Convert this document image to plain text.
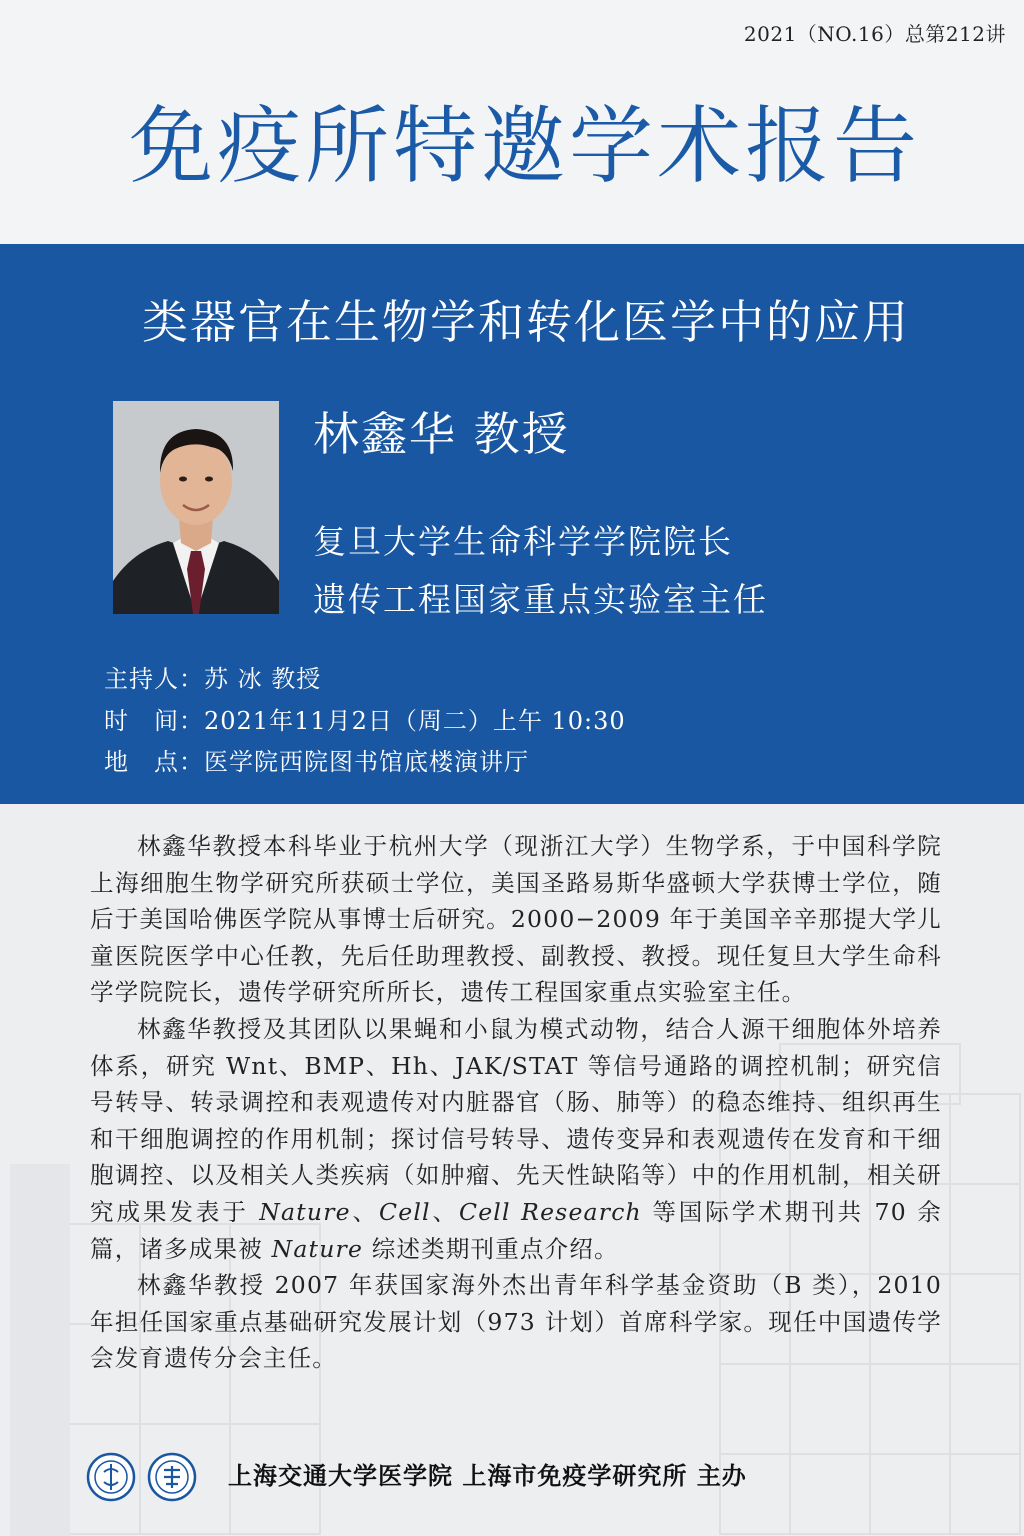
2021（NO.16）总第212讲
免疫所特邀学术报告
类器官在生物学和转化医学中的应用
林鑫华 教授
复旦大学生命科学学院院长
遗传工程国家重点实验室主任
主持人：苏 冰 教授
时　间：2021年11月2日（周二）上午 10:30
地　点：医学院西院图书馆底楼演讲厅

林鑫华教授本科毕业于杭州大学（现浙江大学）生物学系，于中国科学院上海细胞生物学研究所获硕士学位，美国圣路易斯华盛顿大学获博士学位，随后于美国哈佛医学院从事博士后研究。2000−2009 年于美国辛辛那提大学儿童医院医学中心任教，先后任助理教授、副教授、教授。现任复旦大学生命科学学院院长，遗传学研究所所长，遗传工程国家重点实验室主任。

林鑫华教授及其团队以果蝇和小鼠为模式动物，结合人源干细胞体外培养体系，研究 Wnt、BMP、Hh、JAK/STAT 等信号通路的调控机制；研究信号转导、转录调控和表观遗传对内脏器官（肠、肺等）的稳态维持、组织再生和干细胞调控的作用机制；探讨信号转导、遗传变异和表观遗传在发育和干细胞调控、以及相关人类疾病（如肿瘤、先天性缺陷等）中的作用机制，相关研究成果发表于 Nature、Cell、Cell Research 等国际学术期刊共 70 余篇，诸多成果被 Nature 综述类期刊重点介绍。

林鑫华教授 2007 年获国家海外杰出青年科学基金资助（B 类），2010 年担任国家重点基础研究发展计划（973 计划）首席科学家。现任中国遗传学会发育遗传分会主任。

上海交通大学医学院 上海市免疫学研究所 主办
